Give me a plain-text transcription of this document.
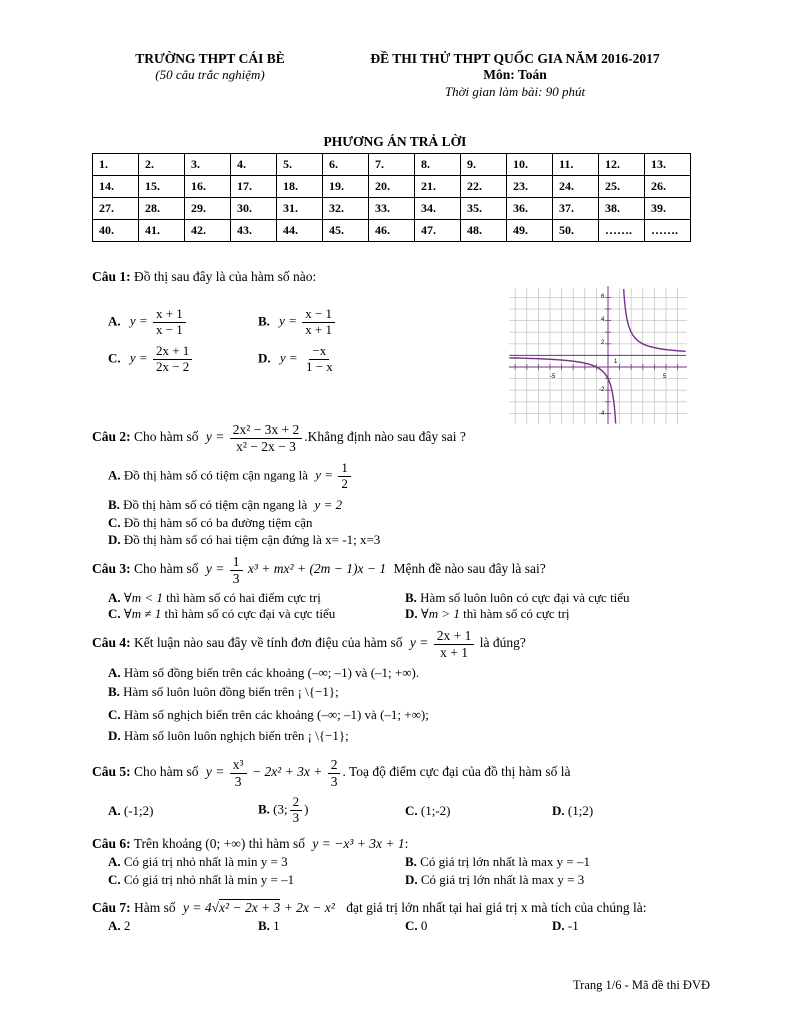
TRƯỜNG THPT CÁI BÈ
(50 câu trắc nghiệm)
ĐỀ THI THỬ THPT QUỐC GIA NĂM 2016-2017
Môn: Toán
Thời gian làm bài: 90 phút
PHƯƠNG ÁN TRẢ LỜI
1.	2.	3.	4.	5.	6.	7.	8.	9.	10.	11.	12.	13.
14.	15.	16.	17.	18.	19.	20.	21.	22.	23.	24.	25.	26.
27.	28.	29.	30.	31.	32.	33.	34.	35.	36.	37.	38.	39.
40.	41.	42.	43.	44.	45.	46.	47.	48.	49.	50.	…….	…….
Câu 1: Đồ thị sau đây là của hàm số nào:
A. $y = \frac{x + 1}{x - 1}$	B. $y = \frac{x - 1}{x + 1}$
C. $y = \frac{2x + 1}{2x - 2}$	D. $y = \frac{-x}{1 - x}$
-5	5
6
4
2
-2
-4
1
Câu 2: Cho hàm số $y = \frac{\text{2x² − 3x + 2}}{\text{x² − 2x − 3}}$ .Khẳng định nào sau đây sai ?
A. Đồ thị hàm số có tiệm cận ngang là $y = \frac{1}{2}$
B. Đồ thị hàm số có tiệm cận ngang là y = 2
C. Đồ thị hàm số có ba đường tiệm cận
D. Đồ thị hàm số có hai tiệm cận đứng là x= -1; x=3
Câu 3: Cho hàm số $y = \frac{1}{3} x^3 + mx^2 + (2m - 1)x - 1$ Mệnh đề nào sau đây là sai?
A. ∀m < 1 thì hàm số có hai điểm cực trị	B. Hàm số luôn luôn có cực đại và cực tiểu
C. ∀m ≠ 1 thì hàm số có cực đại và cực tiểu	D. ∀m > 1 thì hàm số có cực trị
Câu 4: Kết luận nào sau đây về tính đơn điệu của hàm số $y = \frac{2x + 1}{x + 1}$ là đúng?
A. Hàm số đồng biến trên các khoảng (–∞; –1) và (–1; +∞).
B. Hàm số luôn luôn đồng biến trên ¡ \{−1};
C. Hàm số nghịch biến trên các khoảng (–∞; –1) và (–1; +∞);
D. Hàm số luôn luôn nghịch biến trên ¡ \{−1};
Câu 5: Cho hàm số $y = \frac{\text{x³}}{3} - 2x^2 + 3x + \frac{2}{3}$ . Toạ độ điểm cực đại của đồ thị hàm số là
A. (-1;2)	B. (3; $\frac{2}{3}$ )	C. (1;-2)	D. (1;2)
Câu 6: Trên khoảng (0; +∞) thì hàm số y = −x³ + 3x + 1:
A. Có giá trị nhỏ nhất là min y = 3	B. Có giá trị lớn nhất là max y = –1
C. Có giá trị nhỏ nhất là min y = –1	D. Có giá trị lớn nhất là max y = 3
Câu 7: Hàm số y = 4√x² − 2x + 3 + 2x − x² đạt giá trị lớn nhất tại hai giá trị x mà tích của chúng là:
A. 2	B. 1	C. 0	D. -1
Trang 1/6 - Mã đề thi ĐVĐ
